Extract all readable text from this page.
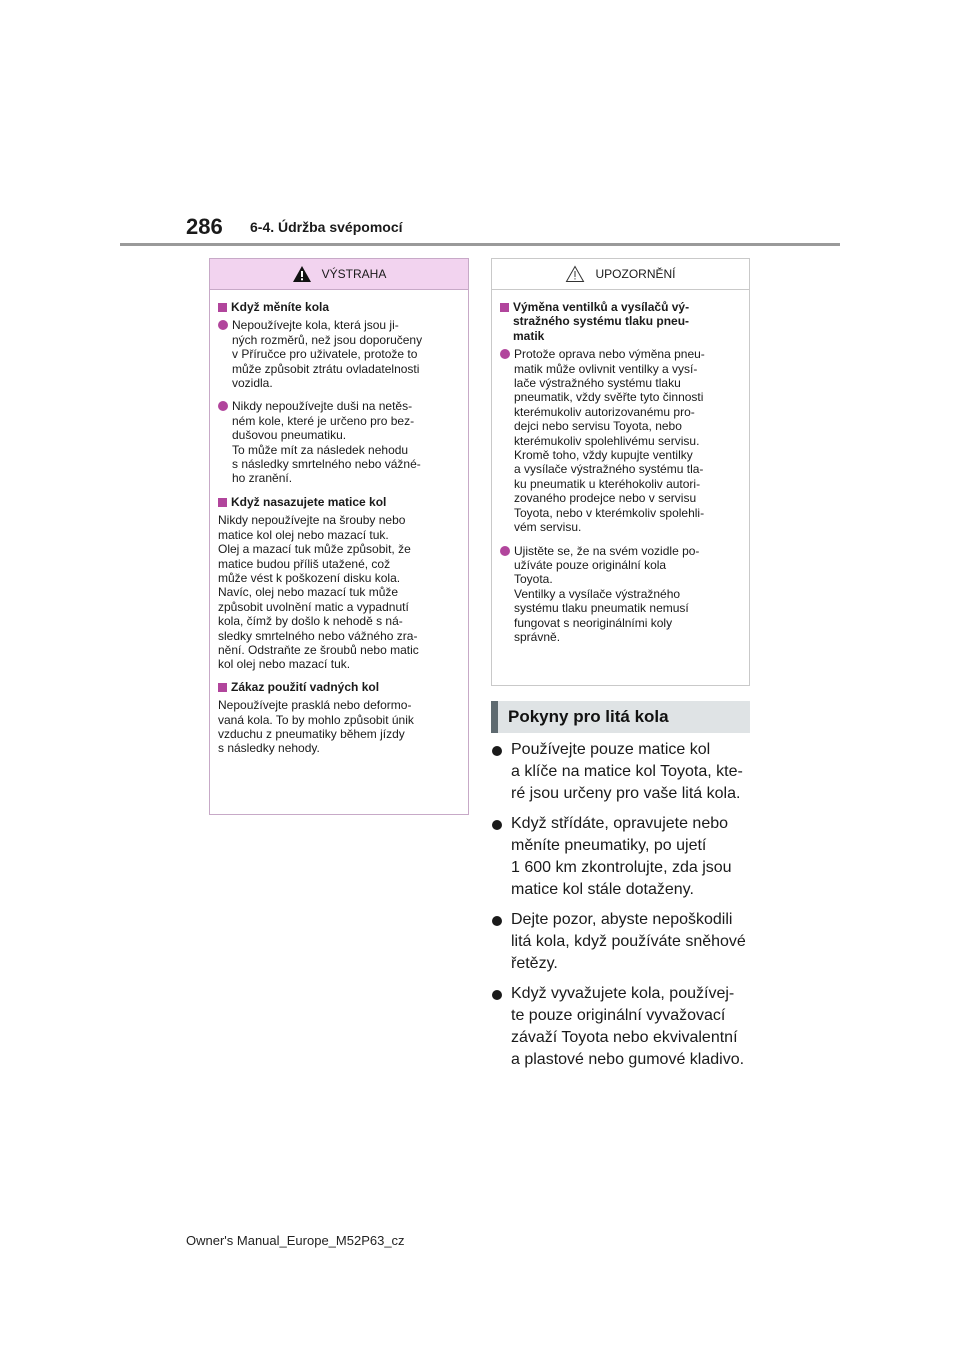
286 6-4. Údržba svépomocí
VÝSTRAHA
Když měníte kola
Nepoužívejte kola, která jsou ji-
ných rozměrů, než jsou doporučeny
v Příručce pro uživatele, protože to
může způsobit ztrátu ovladatelnosti
vozidla.
Nikdy nepoužívejte duši na netěs-
ném kole, které je určeno pro bez-
dušovou pneumatiku.
To může mít za následek nehodu
s následky smrtelného nebo vážné-
ho zranění.
Když nasazujete matice kol
Nikdy nepoužívejte na šrouby nebo
matice kol olej nebo mazací tuk.
Olej a mazací tuk může způsobit, že
matice budou příliš utažené, což
může vést k poškození disku kola.
Navíc, olej nebo mazací tuk může
způsobit uvolnění matic a vypadnutí
kola, čímž by došlo k nehodě s ná-
sledky smrtelného nebo vážného zra-
nění. Odstraňte ze šroubů nebo matic
kol olej nebo mazací tuk.
Zákaz použití vadných kol
Nepoužívejte prasklá nebo deformo-
vaná kola. To by mohlo způsobit únik
vzduchu z pneumatiky během jízdy
s následky nehody.
UPOZORNĚNÍ
Výměna ventilků a vysílačů vý-
stražného systému tlaku pneu-
matik
Protože oprava nebo výměna pneu-
matik může ovlivnit ventilky a vysí-
lače výstražného systému tlaku
pneumatik, vždy svěřte tyto činnosti
kterémukoliv autorizovanému pro-
dejci nebo servisu Toyota, nebo
kterémukoliv spolehlivému servisu.
Kromě toho, vždy kupujte ventilky
a vysílače výstražného systému tla-
ku pneumatik u kteréhokoliv autori-
zovaného prodejce nebo v servisu
Toyota, nebo v kterémkoliv spolehli-
vém servisu.
Ujistěte se, že na svém vozidle po-
užíváte pouze originální kola
Toyota.
Ventilky a vysílače výstražného
systému tlaku pneumatik nemusí
fungovat s neoriginálními koly
správně.
Pokyny pro litá kola
Používejte pouze matice kol
a klíče na matice kol Toyota, kte-
ré jsou určeny pro vaše litá kola.
Když střídáte, opravujete nebo
měníte pneumatiky, po ujetí
1 600 km zkontrolujte, zda jsou
matice kol stále dotaženy.
Dejte pozor, abyste nepoškodili
litá kola, když používáte sněhové
řetězy.
Když vyvažujete kola, používej-
te pouze originální vyvažovací
závaží Toyota nebo ekvivalentní
a plastové nebo gumové kladivo.
Owner's Manual_Europe_M52P63_cz
